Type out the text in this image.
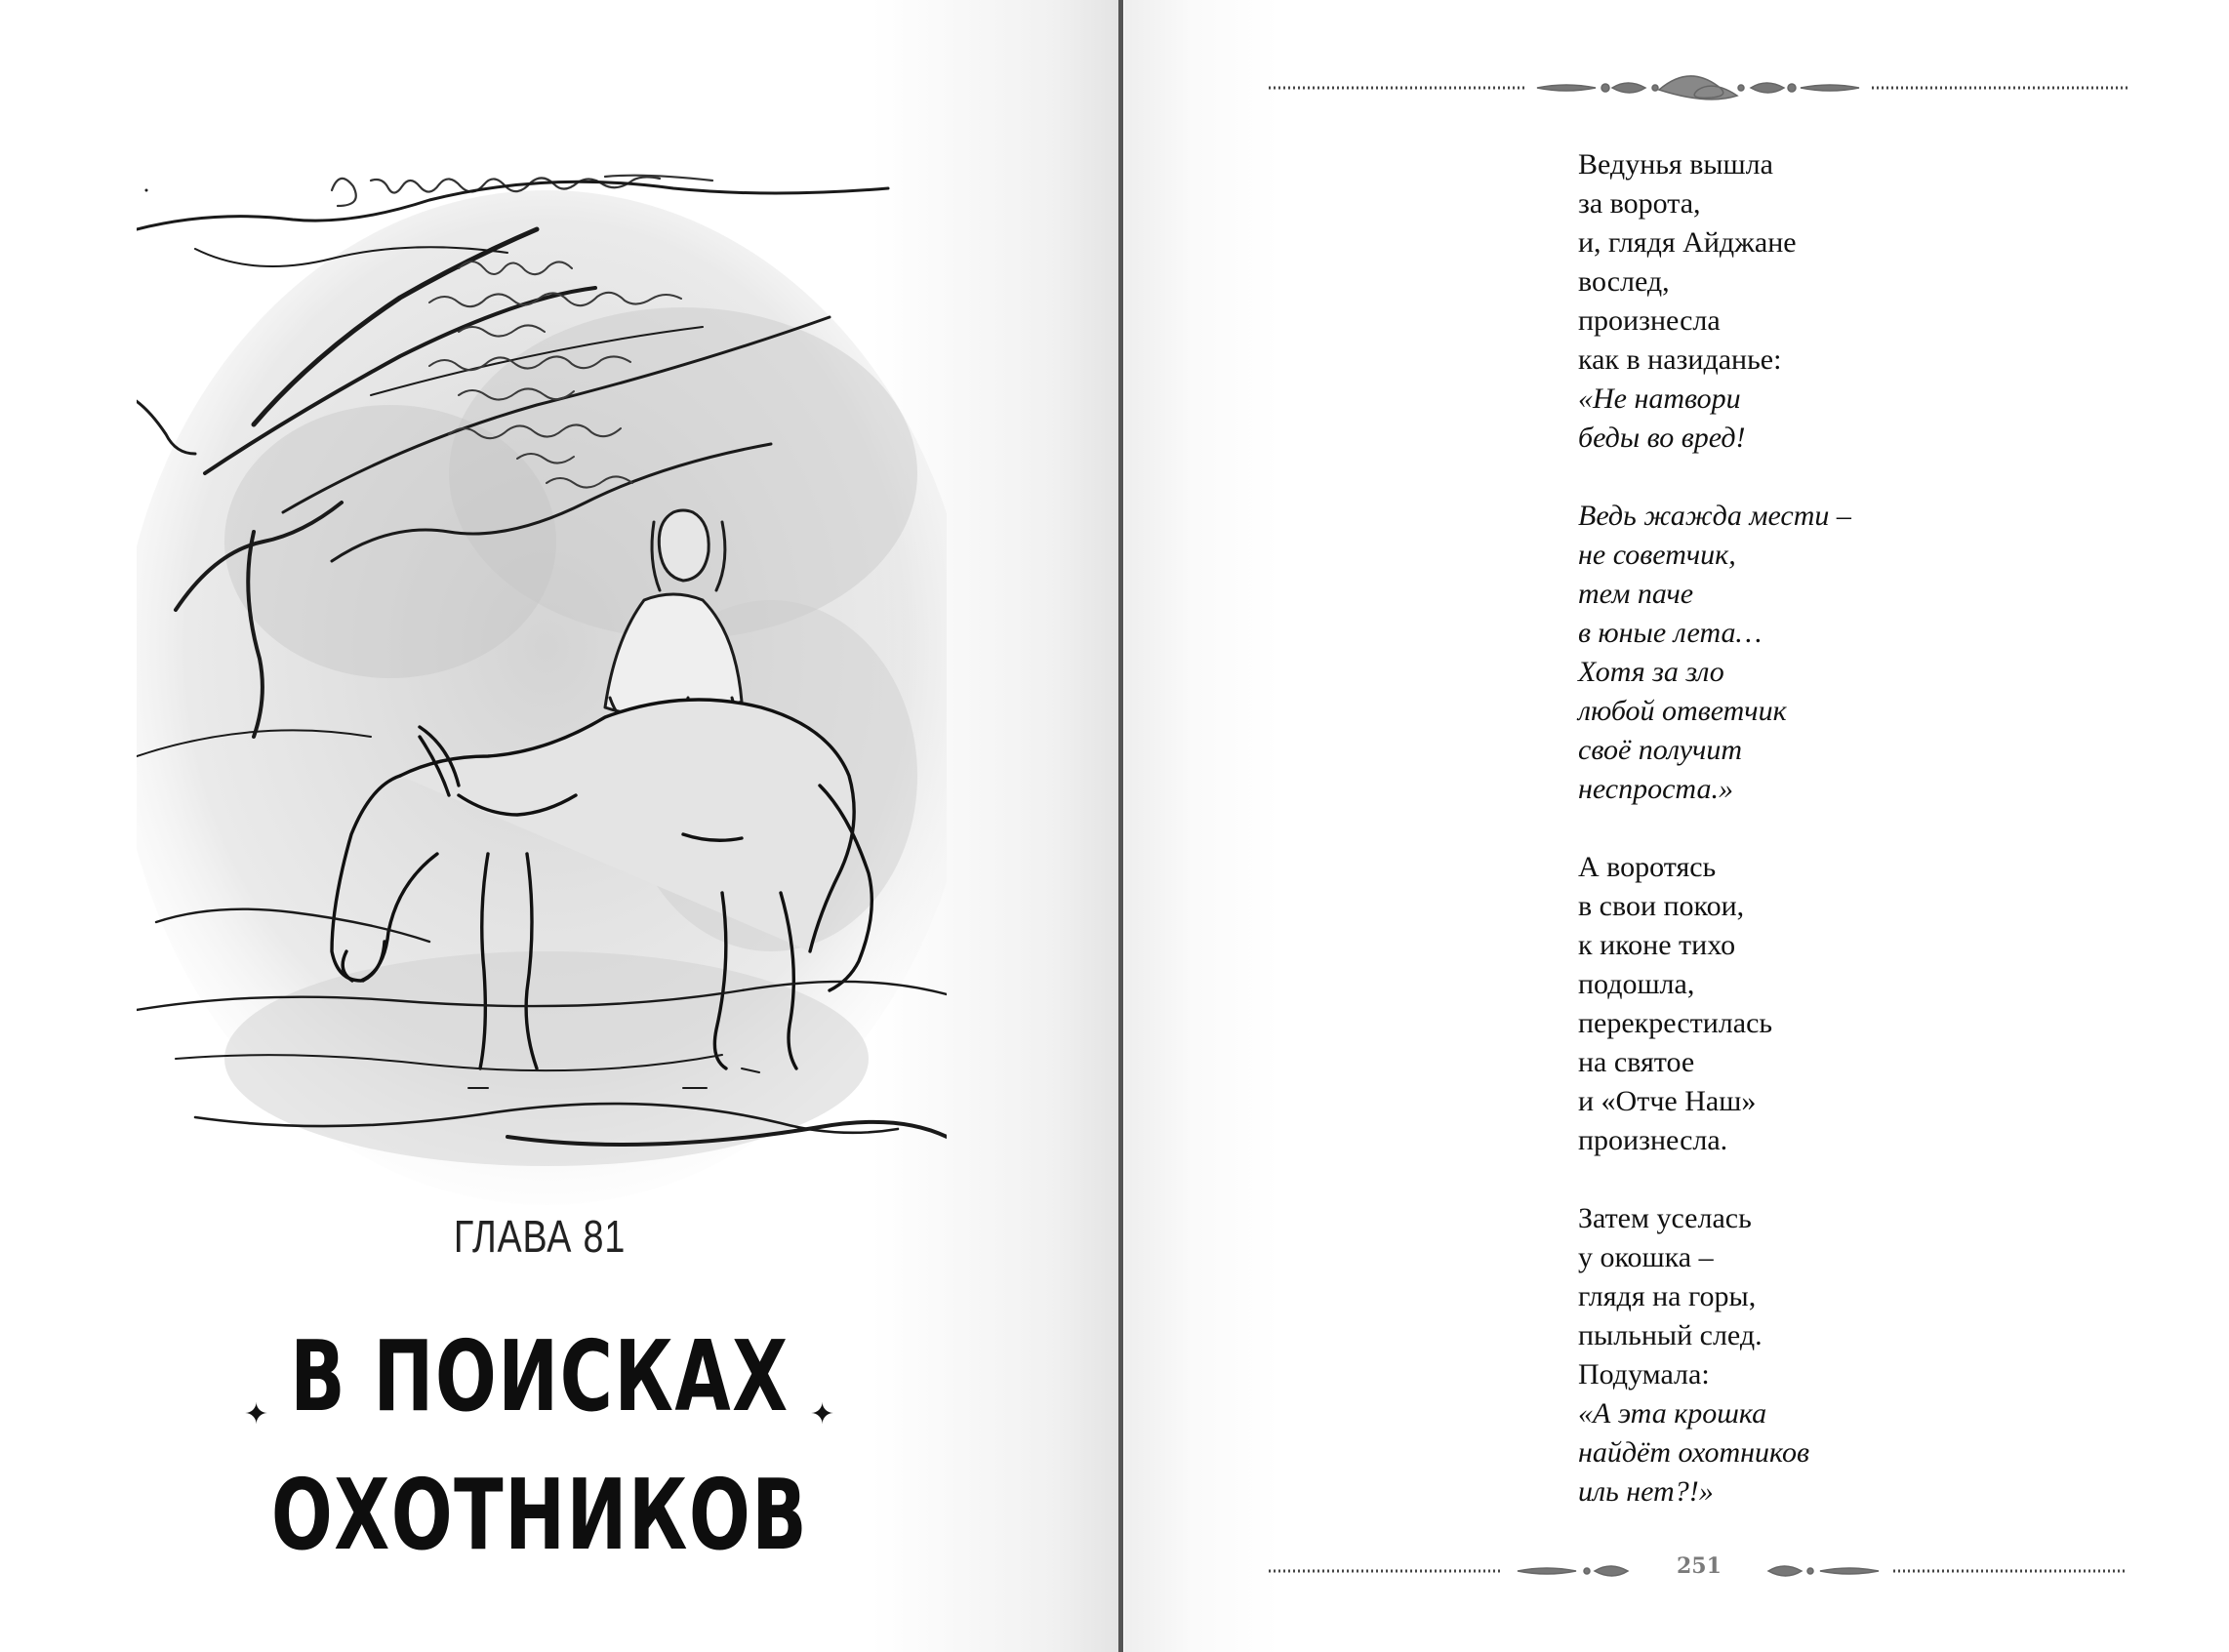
ГЛАВА 81
В ПОИСКАХ
ОХОТНИКОВ
✦	✦
Ведунья вышла
за ворота,
и, глядя Айджане
вослед,
произнесла
как в назиданье:
«Не натвори
беды во вред!
Ведь жажда мести –
не советчик,
тем паче
в юные лета…
Хотя за зло
любой ответчик
своё получит
неспроста.»
А воротясь
в свои покои,
к иконе тихо
подошла,
перекрестилась
на святое
и «Отче Наш»
произнесла.
Затем уселась
у окошка –
глядя на горы,
пыльный след.
Подумала:
«А эта крошка
найдёт охотников
иль нет?!»
251
